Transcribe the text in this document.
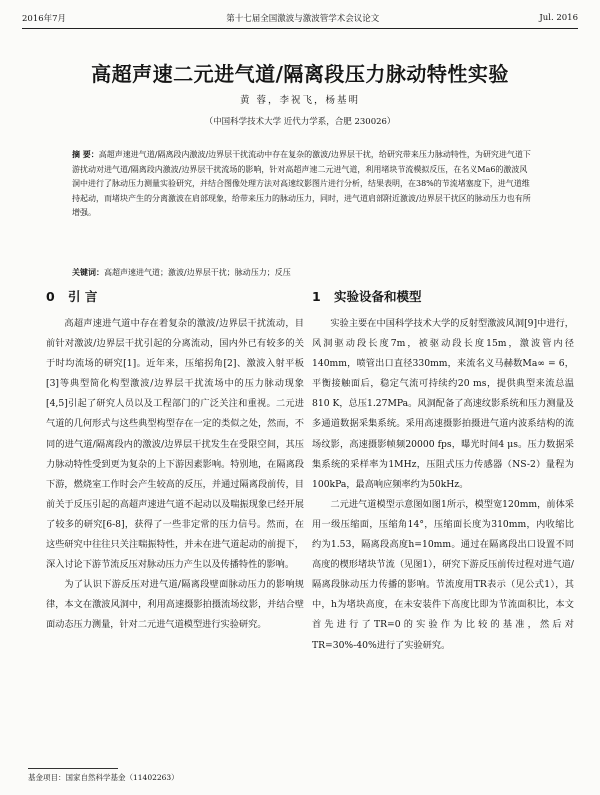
2016年7月	第十七届全国激波与激波管学术会议论文	Jul. 2016
高超声速二元进气道/隔离段压力脉动特性实验
黄 蓉，李祝飞，杨基明
（中国科学技术大学 近代力学系，合肥 230026）
摘 要：高超声速进气道/隔离段内激波/边界层干扰流动中存在复杂的激波/边界层干扰，给研究带来压力脉动特性，为研究进气道下游扰动对进气道/隔离段内激波/边界层干扰流场的影响，针对高超声速二元进气道，利用堵块节流模拟反压，在名义Ma6的激波风洞中进行了脉动压力测量实验研究，并结合图像处理方法对高速纹影图片进行分析，结果表明，在38%的节流堵塞度下，进气道维持起动，而堵块产生的分离激波在肩部现象，给带来压力的脉动压力，同时，进气道肩部附近激波/边界层干扰区的脉动压力也有所增强。
关键词：高超声速进气道；激波/边界层干扰；脉动压力；反压
0 引 言

高超声速进气道中存在着复杂的激波/边界层干扰流动，目前针对激波/边界层干扰引起的分离流动，国内外已有较多的关于时均流场的研究[1]。近年来，压缩拐角[2]、激波入射平板[3]等典型简化构型激波/边界层干扰流场中的压力脉动现象[4,5]引起了研究人员以及工程部门的广泛关注和重视。二元进气道的几何形式与这些典型构型存在一定的类似之处，然而，不同的进气道/隔离段内的激波/边界层干扰发生在受限空间，其压力脉动特性受到更为复杂的上下游因素影响。特别地，在隔离段下游，燃烧室工作时会产生较高的反压，并通过隔离段前传，目前关于反压引起的高超声速进气道不起动以及喘振现象已经开展了较多的研究[6-8]，获得了一些非定常的压力信号。然而，在这些研究中往往只关注喘振特性，并未在进气道起动的前提下，深入讨论下游节流反压对脉动压力产生以及传播特性的影响。

为了认识下游反压对进气道/隔离段壁面脉动压力的影响规律，本文在激波风洞中，利用高速摄影拍摄流场纹影，并结合壁面动态压力测量，针对二元进气道模型进行实验研究。

1 实验设备和模型

实验主要在中国科学技术大学的反射型激波风洞[9]中进行，风洞驱动段长度7m，被驱动段长度15m，激波管内径140mm，喷管出口直径330mm，来流名义马赫数Ma∞ = 6，平衡接触面后，稳定气流可持续约20 ms，提供典型来流总温810 K，总压1.27MPa。风洞配备了高速纹影系统和压力测量及多通道数据采集系统。采用高速摄影拍摄进气道内波系结构的流场纹影，高速摄影帧频20000 fps，曝光时间4 μs。压力数据采集系统的采样率为1MHz，压阻式压力传感器（NS-2）量程为100kPa，最高响应频率约为50kHz。

二元进气道模型示意图如图1所示，模型宽120mm，前体采用一级压缩面，压缩角14°，压缩面长度为310mm，内收缩比约为1.53，隔离段高度h=10mm。通过在隔离段出口设置不同高度的楔形堵块节流（见图1），研究下游反压前传过程对进气道/隔离段脉动压力传播的影响。节流度用TR表示（见公式1），其中，h为堵块高度，在未安装件下高度比即为节流面积比，本文首先进行了TR=0的实验作为比较的基准，然后对TR=30%-40%进行了实验研究。

基金项目：国家自然科学基金（11402263）
